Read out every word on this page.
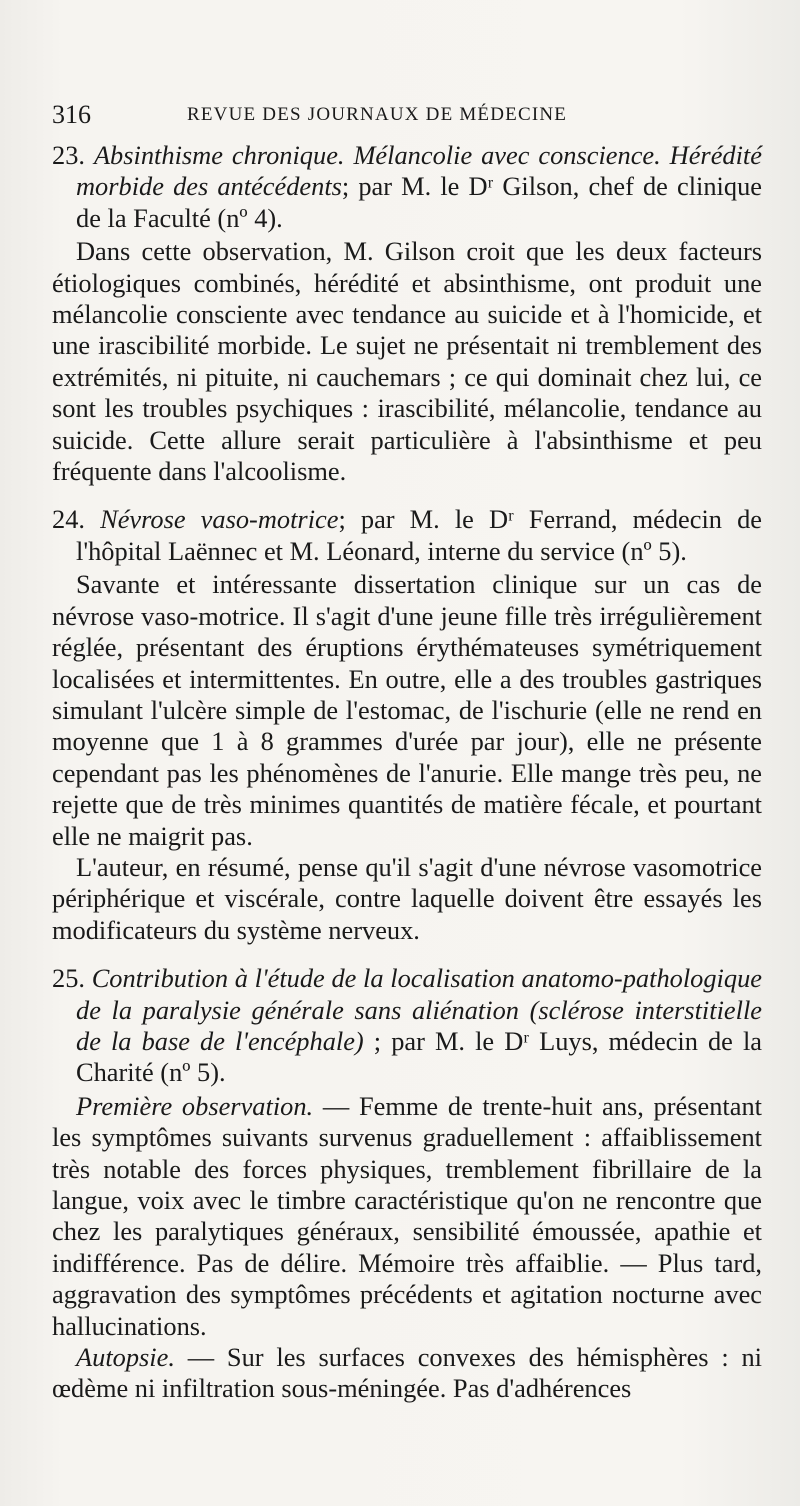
316	REVUE DES JOURNAUX DE MÉDECINE

23. Absinthisme chronique. Mélancolie avec conscience. Hérédité morbide des antécédents; par M. le Dʳ Gilson, chef de clinique de la Faculté (nº 4).

Dans cette observation, M. Gilson croit que les deux facteurs étiologiques combinés, hérédité et absinthisme, ont produit une mélancolie consciente avec tendance au suicide et à l'homicide, et une irascibilité morbide. Le sujet ne présentait ni tremblement des extrémités, ni pituite, ni cauchemars ; ce qui dominait chez lui, ce sont les troubles psychiques : irascibilité, mélancolie, tendance au suicide. Cette allure serait particulière à l'absinthisme et peu fréquente dans l'alcoolisme.

24. Névrose vaso-motrice; par M. le Dʳ Ferrand, médecin de l'hôpital Laënnec et M. Léonard, interne du service (nº 5).

Savante et intéressante dissertation clinique sur un cas de névrose vaso-motrice. Il s'agit d'une jeune fille très irrégulièrement réglée, présentant des éruptions érythémateuses symétriquement localisées et intermittentes. En outre, elle a des troubles gastriques simulant l'ulcère simple de l'estomac, de l'ischurie (elle ne rend en moyenne que 1 à 8 grammes d'urée par jour), elle ne présente cependant pas les phénomènes de l'anurie. Elle mange très peu, ne rejette que de très minimes quantités de matière fécale, et pourtant elle ne maigrit pas.

L'auteur, en résumé, pense qu'il s'agit d'une névrose vasomotrice périphérique et viscérale, contre laquelle doivent être essayés les modificateurs du système nerveux.

25. Contribution à l'étude de la localisation anatomo-pathologique de la paralysie générale sans aliénation (sclérose interstitielle de la base de l'encéphale) ; par M. le Dʳ Luys, médecin de la Charité (nº 5).

Première observation. — Femme de trente-huit ans, présentant les symptômes suivants survenus graduellement : affaiblissement très notable des forces physiques, tremblement fibrillaire de la langue, voix avec le timbre caractéristique qu'on ne rencontre que chez les paralytiques généraux, sensibilité émoussée, apathie et indifférence. Pas de délire. Mémoire très affaiblie. — Plus tard, aggravation des symptômes précédents et agitation nocturne avec hallucinations.

Autopsie. — Sur les surfaces convexes des hémisphères : ni œdème ni infiltration sous-méningée. Pas d'adhérences
